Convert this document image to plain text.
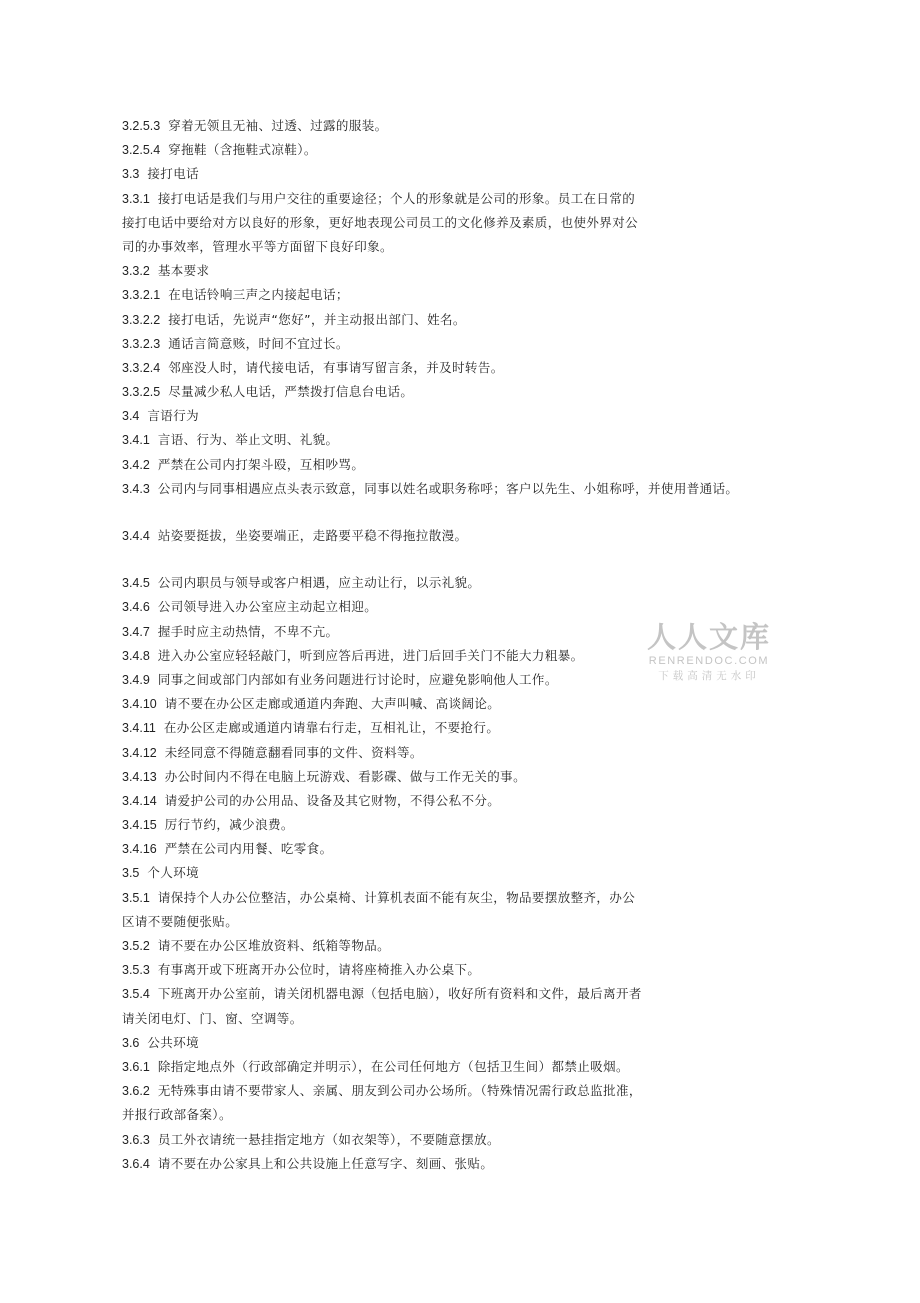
3.2.5.3 穿着无领且无袖、过透、过露的服装。
3.2.5.4 穿拖鞋（含拖鞋式凉鞋）。
3.3 接打电话
3.3.1 接打电话是我们与用户交往的重要途径；个人的形象就是公司的形象。员工在日常的
接打电话中要给对方以良好的形象，更好地表现公司员工的文化修养及素质，也使外界对公
司的办事效率，管理水平等方面留下良好印象。
3.3.2 基本要求
3.3.2.1 在电话铃响三声之内接起电话；
3.3.2.2 接打电话，先说声“您好”，并主动报出部门、姓名。
3.3.2.3 通话言简意赅，时间不宜过长。
3.3.2.4 邻座没人时，请代接电话，有事请写留言条，并及时转告。
3.3.2.5 尽量减少私人电话，严禁拨打信息台电话。
3.4 言语行为
3.4.1 言语、行为、举止文明、礼貌。
3.4.2 严禁在公司内打架斗殴，互相吵骂。
3.4.3 公司内与同事相遇应点头表示致意，同事以姓名或职务称呼；客户以先生、小姐称呼，并使用普通话。
3.4.4 站姿要挺拔，坐姿要端正，走路要平稳不得拖拉散漫。
3.4.5 公司内职员与领导或客户相遇，应主动让行，以示礼貌。
3.4.6 公司领导进入办公室应主动起立相迎。
3.4.7 握手时应主动热情，不卑不亢。
3.4.8 进入办公室应轻轻敲门，听到应答后再进，进门后回手关门不能大力粗暴。
3.4.9 同事之间或部门内部如有业务问题进行讨论时，应避免影响他人工作。
3.4.10 请不要在办公区走廊或通道内奔跑、大声叫喊、高谈阔论。
3.4.11 在办公区走廊或通道内请靠右行走，互相礼让，不要抢行。
3.4.12 未经同意不得随意翻看同事的文件、资料等。
3.4.13 办公时间内不得在电脑上玩游戏、看影碟、做与工作无关的事。
3.4.14 请爱护公司的办公用品、设备及其它财物，不得公私不分。
3.4.15 厉行节约，减少浪费。
3.4.16 严禁在公司内用餐、吃零食。
3.5 个人环境
3.5.1 请保持个人办公位整洁，办公桌椅、计算机表面不能有灰尘，物品要摆放整齐，办公
区请不要随便张贴。
3.5.2 请不要在办公区堆放资料、纸箱等物品。
3.5.3 有事离开或下班离开办公位时，请将座椅推入办公桌下。
3.5.4 下班离开办公室前，请关闭机器电源（包括电脑），收好所有资料和文件，最后离开者
请关闭电灯、门、窗、空调等。
3.6 公共环境
3.6.1 除指定地点外（行政部确定并明示），在公司任何地方（包括卫生间）都禁止吸烟。
3.6.2 无特殊事由请不要带家人、亲属、朋友到公司办公场所。（特殊情况需行政总监批准，
并报行政部备案）。
3.6.3 员工外衣请统一悬挂指定地方（如衣架等），不要随意摆放。
3.6.4 请不要在办公家具上和公共设施上任意写字、刻画、张贴。
人人文库
RENRENDOC.COM
下载高清无水印
